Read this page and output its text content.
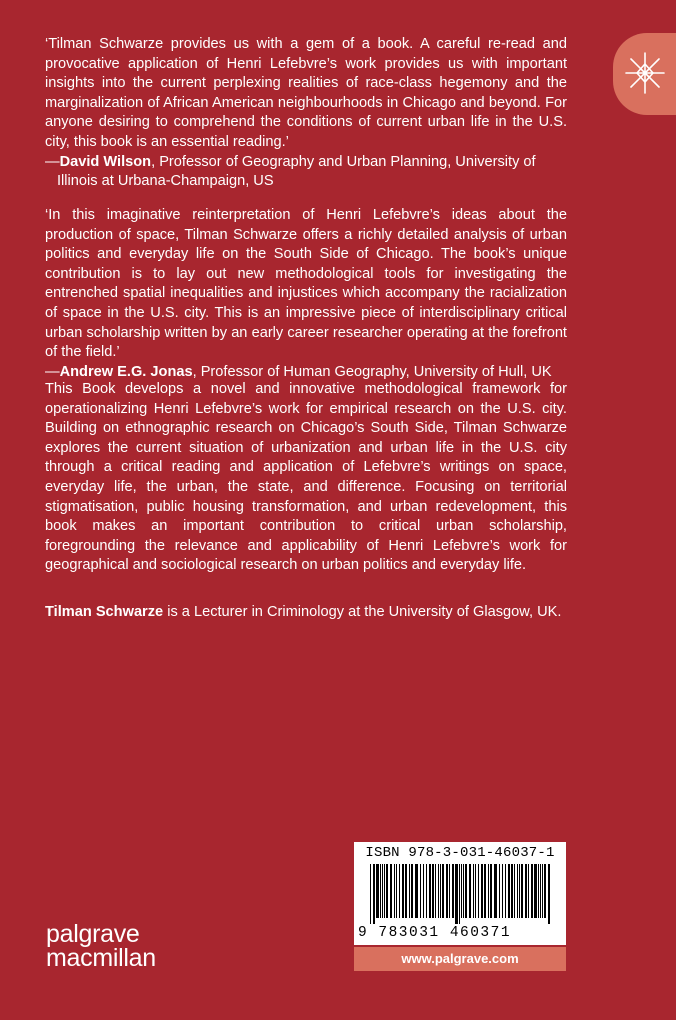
‘Tilman Schwarze provides us with a gem of a book. A careful re-read and provocative application of Henri Lefebvre’s work provides us with important insights into the current perplexing realities of race-class hegemony and the marginalization of African American neighbourhoods in Chicago and beyond. For anyone desiring to comprehend the conditions of current urban life in the U.S. city, this book is an essential reading.’
—David Wilson, Professor of Geography and Urban Planning, University of Illinois at Urbana-Champaign, US
‘In this imaginative reinterpretation of Henri Lefebvre’s ideas about the production of space, Tilman Schwarze offers a richly detailed analysis of urban politics and everyday life on the South Side of Chicago. The book’s unique contribution is to lay out new methodological tools for investigating the entrenched spatial inequalities and injustices which accompany the racialization of space in the U.S. city. This is an impressive piece of interdisciplinary critical urban scholarship written by an early career researcher operating at the forefront of the field.’
—Andrew E.G. Jonas, Professor of Human Geography, University of Hull, UK
This Book develops a novel and innovative methodological framework for operationalizing Henri Lefebvre’s work for empirical research on the U.S. city. Building on ethnographic research on Chicago’s South Side, Tilman Schwarze explores the current situation of urbanization and urban life in the U.S. city through a critical reading and application of Lefebvre’s writings on space, everyday life, the urban, the state, and difference. Focusing on territorial stigmatisation, public housing transformation, and urban redevelopment, this book makes an important contribution to critical urban scholarship, foregrounding the relevance and applicability of Henri Lefebvre’s work for geographical and sociological research on urban politics and everyday life.
Tilman Schwarze is a Lecturer in Criminology at the University of Glasgow, UK.
palgrave
macmillan
ISBN 978-3-031-46037-1
9 783031 460371
www.palgrave.com
